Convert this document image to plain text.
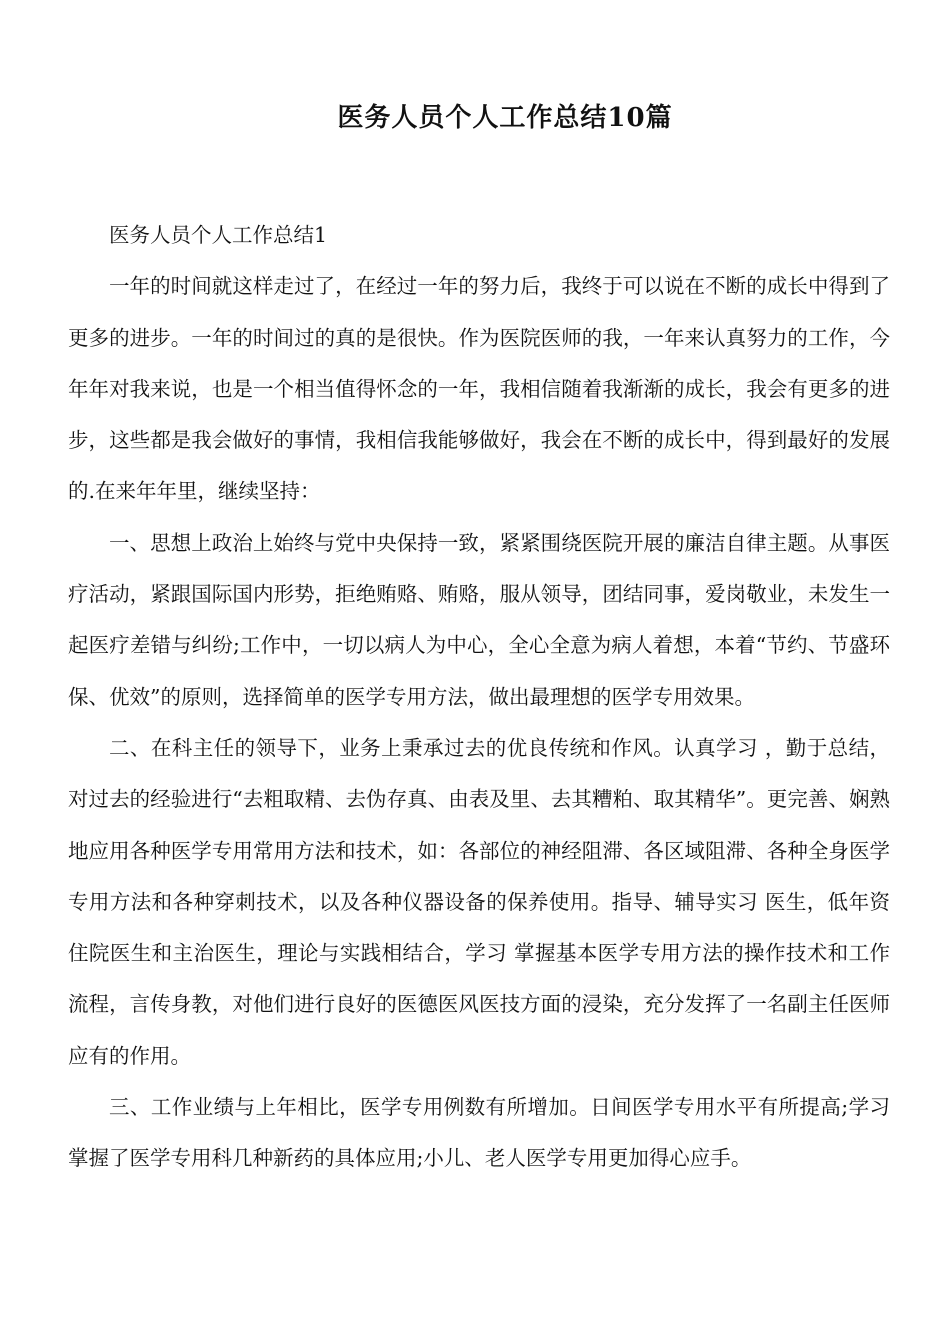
医务人员个人工作总结10篇

医务人员个人工作总结1

一年的时间就这样走过了，在经过一年的努力后，我终于可以说在不断的成长中得到了更多的进步。一年的时间过的真的是很快。作为医院医师的我，一年来认真努力的工作，今年年对我来说，也是一个相当值得怀念的一年，我相信随着我渐渐的成长，我会有更多的进步，这些都是我会做好的事情，我相信我能够做好，我会在不断的成长中，得到最好的发展的.在来年年里，继续坚持：

一、思想上政治上始终与党中央保持一致，紧紧围绕医院开展的廉洁自律主题。从事医疗活动，紧跟国际国内形势，拒绝贿赂、贿赂，服从领导，团结同事，爱岗敬业，未发生一起医疗差错与纠纷;工作中，一切以病人为中心，全心全意为病人着想，本着“节约、节盛环保、优效”的原则，选择简单的医学专用方法，做出最理想的医学专用效果。

二、在科主任的领导下，业务上秉承过去的优良传统和作风。认真学习 ，勤于总结，对过去的经验进行“去粗取精、去伪存真、由表及里、去其糟粕、取其精华”。更完善、娴熟地应用各种医学专用常用方法和技术，如：各部位的神经阻滞、各区域阻滞、各种全身医学专用方法和各种穿刺技术，以及各种仪器设备的保养使用。指导、辅导实习 医生，低年资住院医生和主治医生，理论与实践相结合，学习 掌握基本医学专用方法的操作技术和工作流程，言传身教，对他们进行良好的医德医风医技方面的浸染，充分发挥了一名副主任医师应有的作用。

三、工作业绩与上年相比，医学专用例数有所增加。日间医学专用水平有所提高;学习掌握了医学专用科几种新药的具体应用;小儿、老人医学专用更加得心应手。
